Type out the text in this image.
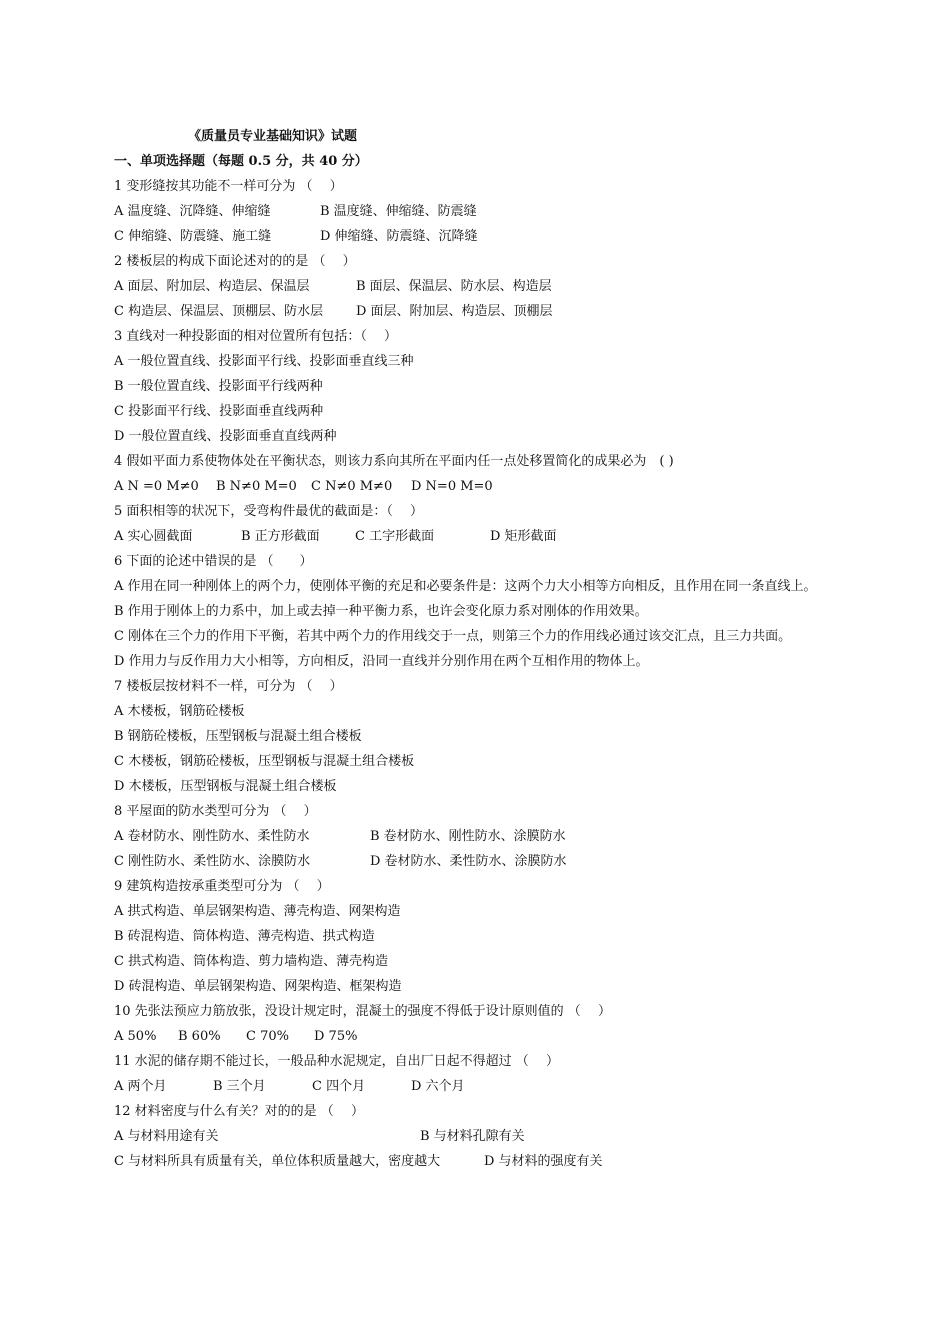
《质量员专业基础知识》试题
一、单项选择题（每题 0.5 分，共 40 分）
1 变形缝按其功能不一样可分为 （　 ）
A 温度缝、沉降缝、伸缩缝	B 温度缝、伸缩缝、防震缝
C 伸缩缝、防震缝、施工缝	D 伸缩缝、防震缝、沉降缝
2 楼板层的构成下面论述对的的是 （　 ）
A 面层、附加层、构造层、保温层	B 面层、保温层、防水层、构造层
C 构造层、保温层、顶棚层、防水层	D 面层、附加层、构造层、顶棚层
3 直线对一种投影面的相对位置所有包括：（　 ）
A 一般位置直线、投影面平行线、投影面垂直线三种
B 一般位置直线、投影面平行线两种
C 投影面平行线、投影面垂直线两种
D 一般位置直线、投影面垂直直线两种
4 假如平面力系使物体处在平衡状态，则该力系向其所在平面内任一点处移置简化的成果必为　( )
A N =0 M≠0 B N≠0 M=0 C N≠0 M≠0 D N=0 M=0
5 面积相等的状况下，受弯构件最优的截面是：（　 ）
A 实心圆截面	B 正方形截面	C 工字形截面	D 矩形截面
6 下面的论述中错误的是 （　　）
A 作用在同一种刚体上的两个力，使刚体平衡的充足和必要条件是：这两个力大小相等方向相反，且作用在同一条直线上。
B 作用于刚体上的力系中，加上或去掉一种平衡力系，也许会变化原力系对刚体的作用效果。
C 刚体在三个力的作用下平衡，若其中两个力的作用线交于一点，则第三个力的作用线必通过该交汇点，且三力共面。
D 作用力与反作用力大小相等，方向相反，沿同一直线并分别作用在两个互相作用的物体上。
7 楼板层按材料不一样，可分为 （　 ）
A 木楼板，钢筋砼楼板
B 钢筋砼楼板，压型钢板与混凝土组合楼板
C 木楼板，钢筋砼楼板，压型钢板与混凝土组合楼板
D 木楼板，压型钢板与混凝土组合楼板
8 平屋面的防水类型可分为 （　 ）
A 卷材防水、刚性防水、柔性防水	B 卷材防水、刚性防水、涂膜防水
C 刚性防水、柔性防水、涂膜防水	D 卷材防水、柔性防水、涂膜防水
9 建筑构造按承重类型可分为 （　 ）
A 拱式构造、单层钢架构造、薄壳构造、网架构造
B 砖混构造、筒体构造、薄壳构造、拱式构造
C 拱式构造、筒体构造、剪力墙构造、薄壳构造
D 砖混构造、单层钢架构造、网架构造、框架构造
10 先张法预应力筋放张，没设计规定时，混凝土的强度不得低于设计原则值的 （　 ）
A 50% B 60% C 70% D 75%
11 水泥的储存期不能过长，一般品种水泥规定，自出厂日起不得超过 （　 ）
A 两个月	B 三个月	C 四个月	D 六个月
12 材料密度与什么有关？对的的是 （　 ）
A 与材料用途有关	B 与材料孔隙有关
C 与材料所具有质量有关，单位体积质量越大，密度越大	D 与材料的强度有关
